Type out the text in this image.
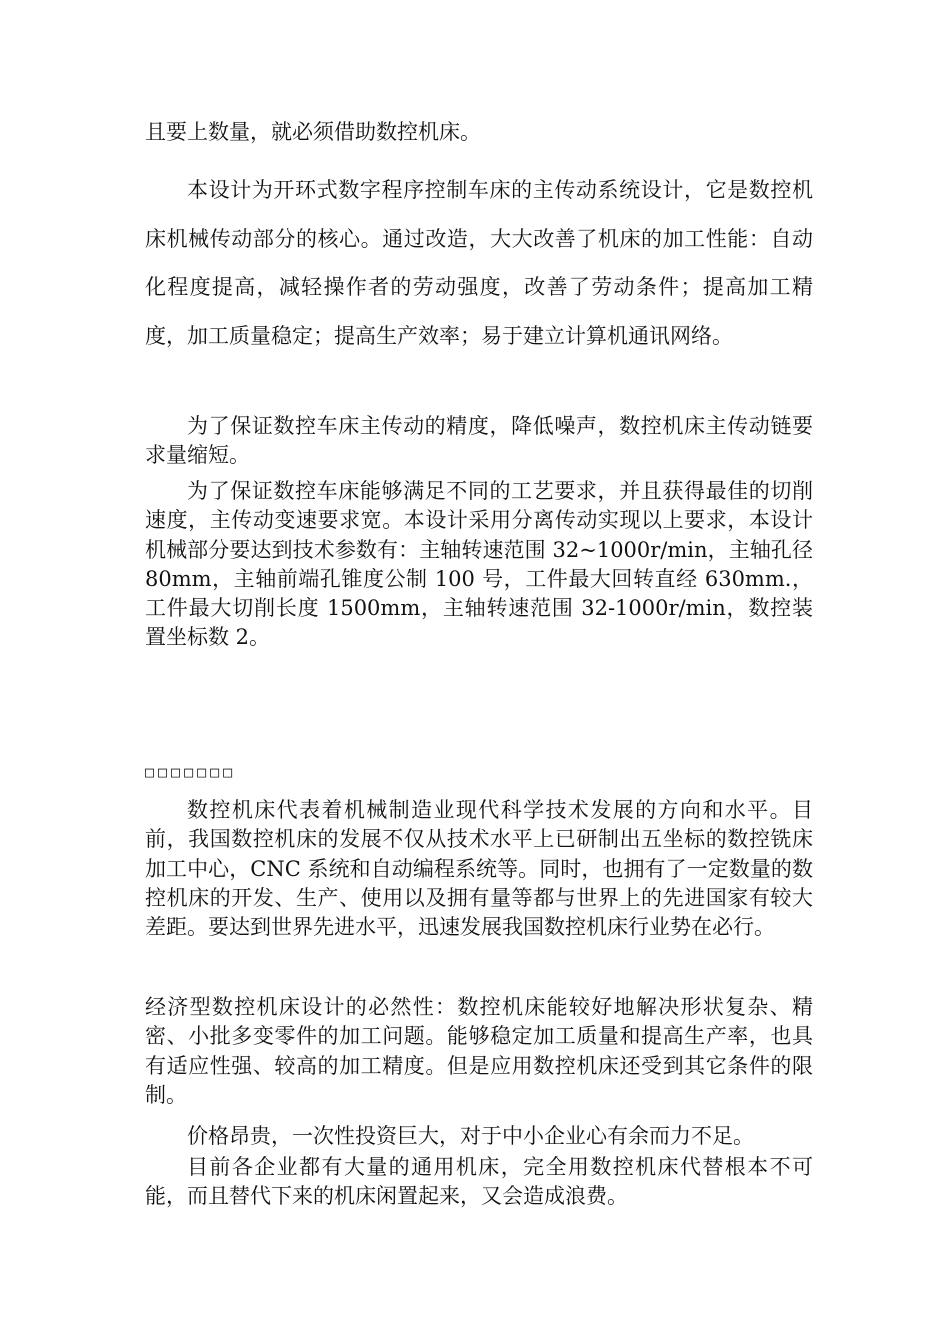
且要上数量，就必须借助数控机床。

本设计为开环式数字程序控制车床的主传动系统设计，它是数控机床机械传动部分的核心。通过改造，大大改善了机床的加工性能：自动化程度提高，减轻操作者的劳动强度，改善了劳动条件；提高加工精度，加工质量稳定；提高生产效率；易于建立计算机通讯网络。

为了保证数控车床主传动的精度，降低噪声，数控机床主传动链要求量缩短。

为了保证数控车床能够满足不同的工艺要求，并且获得最佳的切削速度，主传动变速要求宽。本设计采用分离传动实现以上要求，本设计机械部分要达到技术参数有：主轴转速范围 32~1000r/min，主轴孔径 80mm，主轴前端孔锥度公制 100 号，工件最大回转直经 630mm.，工件最大切削长度 1500mm，主轴转速范围 32-1000r/min，数控装置坐标数 2。

□□□□□□□

数控机床代表着机械制造业现代科学技术发展的方向和水平。目前，我国数控机床的发展不仅从技术水平上已研制出五坐标的数控铣床加工中心，CNC 系统和自动编程系统等。同时，也拥有了一定数量的数控机床的开发、生产、使用以及拥有量等都与世界上的先进国家有较大差距。要达到世界先进水平，迅速发展我国数控机床行业势在必行。

经济型数控机床设计的必然性：数控机床能较好地解决形状复杂、精密、小批多变零件的加工问题。能够稳定加工质量和提高生产率，也具有适应性强、较高的加工精度。但是应用数控机床还受到其它条件的限制。

价格昂贵，一次性投资巨大，对于中小企业心有余而力不足。

目前各企业都有大量的通用机床，完全用数控机床代替根本不可能，而且替代下来的机床闲置起来，又会造成浪费。
